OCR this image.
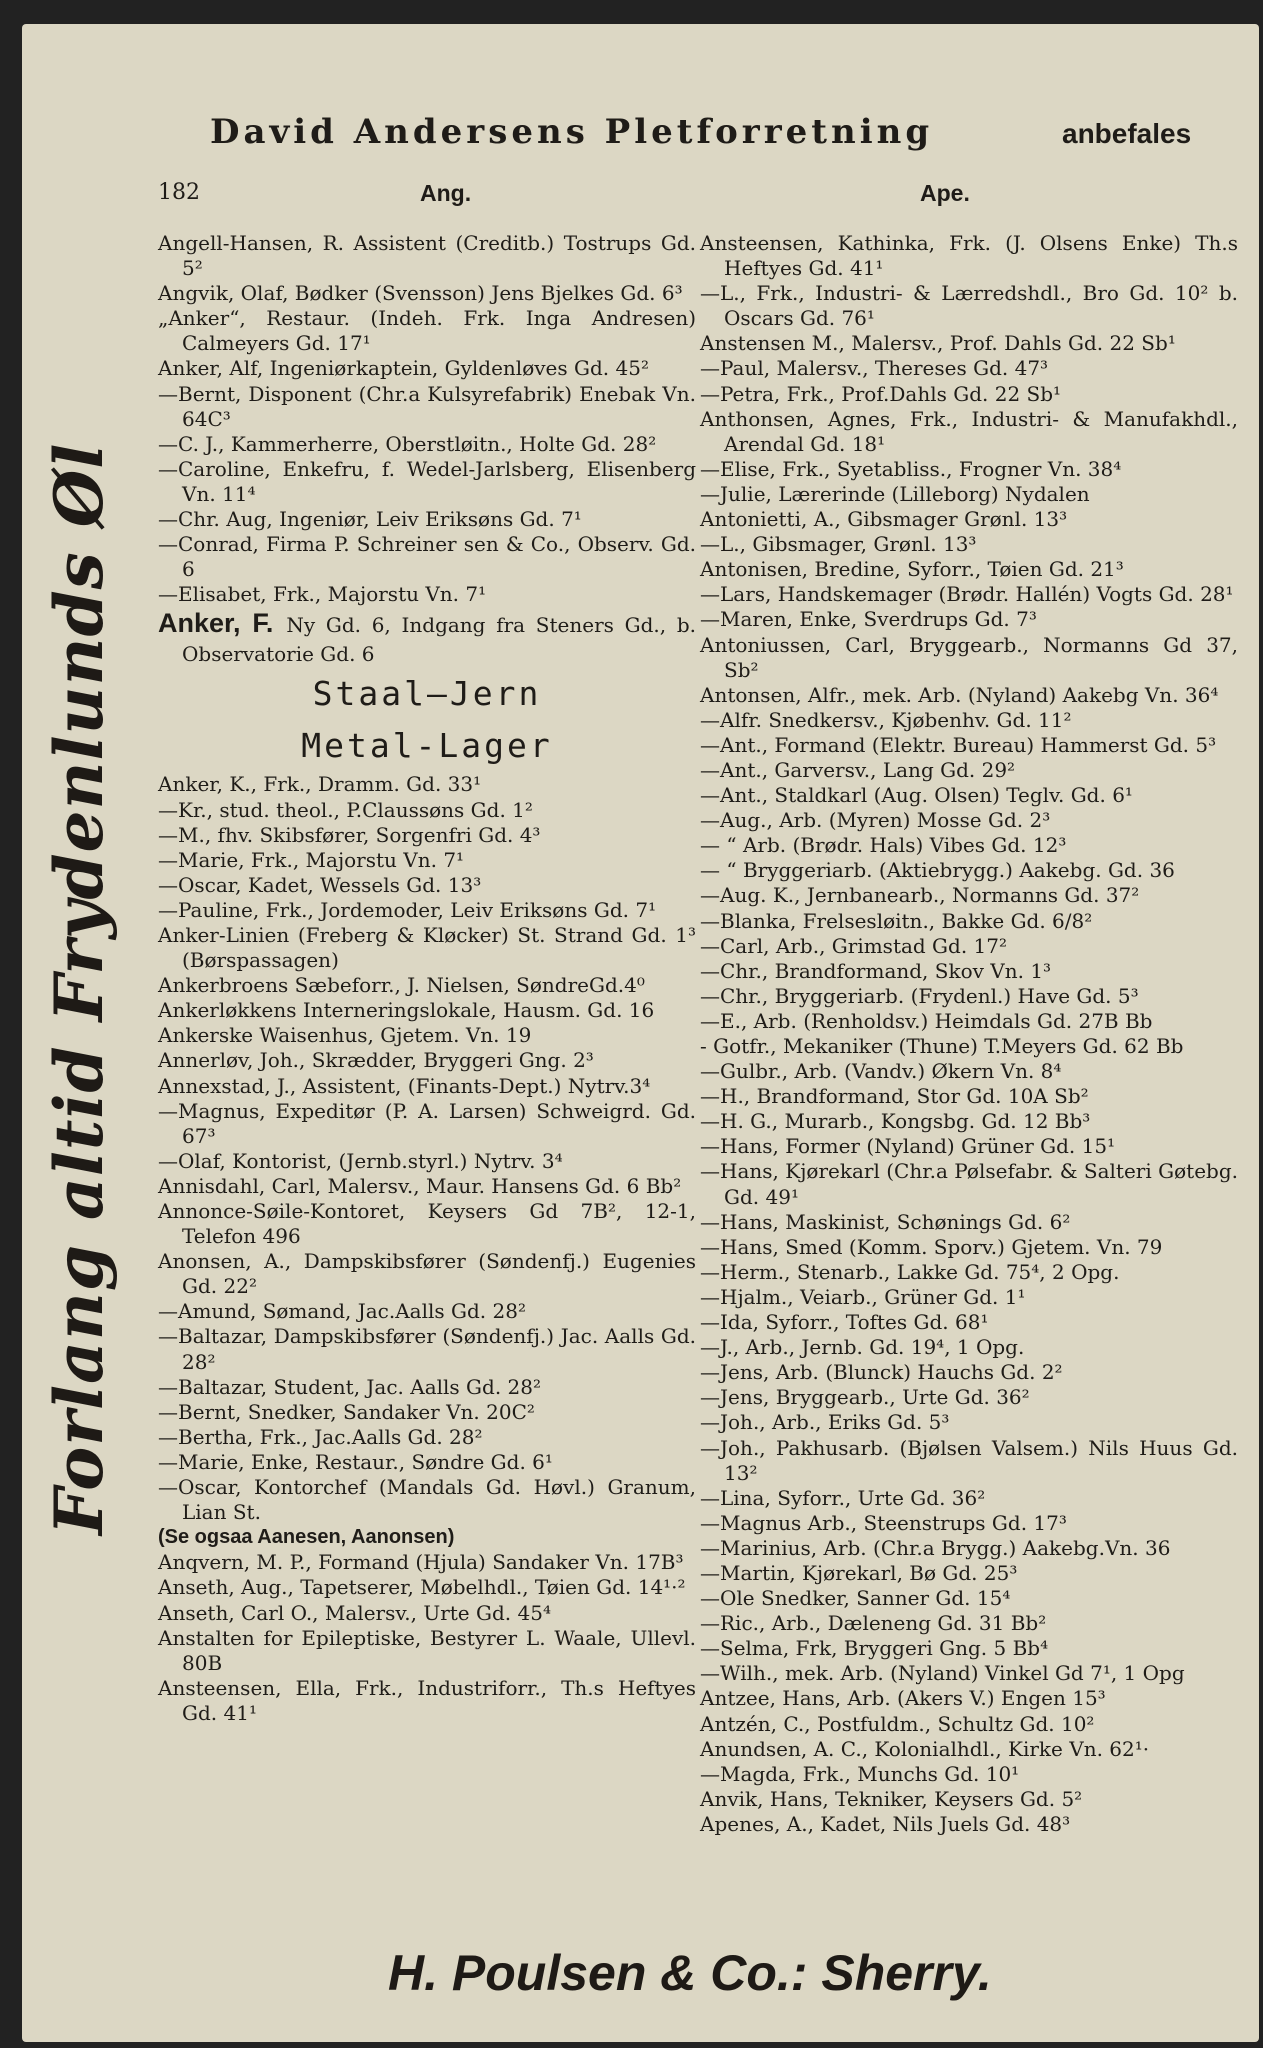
David Andersens Pletforretning	anbefales
182	Ang.	Ape.
Forlang altid Frydenlunds Øl
Angell-Hansen, R. Assistent (Creditb.) Tostrups Gd. 5²
Angvik, Olaf, Bødker (Svensson) Jens Bjelkes Gd. 6³
„Anker“, Restaur. (Indeh. Frk. Inga Andresen) Calmeyers Gd. 17¹
Anker, Alf, Ingeniørkaptein, Gyldenløves Gd. 45²
—Bernt, Disponent (Chr.a Kulsyrefabrik) Enebak Vn. 64C³
—C. J., Kammerherre, Oberstløitn., Holte Gd. 28²
—Caroline, Enkefru, f. Wedel-Jarlsberg, Elisenberg Vn. 11⁴
—Chr. Aug, Ingeniør, Leiv Eriksøns Gd. 7¹
—Conrad, Firma P. Schreiner sen & Co., Observ. Gd. 6
—Elisabet, Frk., Majorstu Vn. 7¹
Anker, F. Ny Gd. 6, Indgang fra Steners Gd., b. Observatorie Gd. 6
Staal—Jern
Metal-Lager
Anker, K., Frk., Dramm. Gd. 33¹
—Kr., stud. theol., P.Claussøns Gd. 1²
—M., fhv. Skibsfører, Sorgenfri Gd. 4³
—Marie, Frk., Majorstu Vn. 7¹
—Oscar, Kadet, Wessels Gd. 13³
—Pauline, Frk., Jordemoder, Leiv Eriksøns Gd. 7¹
Anker-Linien (Freberg & Kløcker) St. Strand Gd. 1³ (Børspassagen)
Ankerbroens Sæbeforr., J. Nielsen, SøndreGd.4⁰
Ankerløkkens Interneringslokale, Hausm. Gd. 16
Ankerske Waisenhus, Gjetem. Vn. 19
Annerløv, Joh., Skrædder, Bryggeri Gng. 2³
Annexstad, J., Assistent, (Finants-Dept.) Nytrv.3⁴
—Magnus, Expeditør (P. A. Larsen) Schweigrd. Gd. 67³
—Olaf, Kontorist, (Jernb.styrl.) Nytrv. 3⁴
Annisdahl, Carl, Malersv., Maur. Hansens Gd. 6 Bb²
Annonce-Søile-Kontoret, Keysers Gd 7B², 12-1, Telefon 496
Anonsen, A., Dampskibsfører (Søndenfj.) Eugenies Gd. 22²
—Amund, Sømand, Jac.Aalls Gd. 28²
—Baltazar, Dampskibsfører (Søndenfj.) Jac. Aalls Gd. 28²
—Baltazar, Student, Jac. Aalls Gd. 28²
—Bernt, Snedker, Sandaker Vn. 20C²
—Bertha, Frk., Jac.Aalls Gd. 28²
—Marie, Enke, Restaur., Søndre Gd. 6¹
—Oscar, Kontorchef (Mandals Gd. Høvl.) Granum, Lian St.
(Se ogsaa Aanesen, Aanonsen)
Anqvern, M. P., Formand (Hjula) Sandaker Vn. 17B³
Anseth, Aug., Tapetserer, Møbelhdl., Tøien Gd. 14¹·²
Anseth, Carl O., Malersv., Urte Gd. 45⁴
Anstalten for Epileptiske, Bestyrer L. Waale, Ullevl. 80B
Ansteensen, Ella, Frk., Industriforr., Th.s Heftyes Gd. 41¹
Ansteensen, Kathinka, Frk. (J. Olsens Enke) Th.s Heftyes Gd. 41¹
—L., Frk., Industri- & Lærredshdl., Bro Gd. 10² b. Oscars Gd. 76¹
Anstensen M., Malersv., Prof. Dahls Gd. 22 Sb¹
—Paul, Malersv., Thereses Gd. 47³
—Petra, Frk., Prof.Dahls Gd. 22 Sb¹
Anthonsen, Agnes, Frk., Industri- & Manufakhdl., Arendal Gd. 18¹
—Elise, Frk., Syetabliss., Frogner Vn. 38⁴
—Julie, Lærerinde (Lilleborg) Nydalen
Antonietti, A., Gibsmager Grønl. 13³
—L., Gibsmager, Grønl. 13³
Antonisen, Bredine, Syforr., Tøien Gd. 21³
—Lars, Handskemager (Brødr. Hallén) Vogts Gd. 28¹
—Maren, Enke, Sverdrups Gd. 7³
Antoniussen, Carl, Bryggearb., Normanns Gd 37, Sb²
Antonsen, Alfr., mek. Arb. (Nyland) Aakebg Vn. 36⁴
—Alfr. Snedkersv., Kjøbenhv. Gd. 11²
—Ant., Formand (Elektr. Bureau) Hammerst Gd. 5³
—Ant., Garversv., Lang Gd. 29²
—Ant., Staldkarl (Aug. Olsen) Teglv. Gd. 6¹
—Aug., Arb. (Myren) Mosse Gd. 2³
— “ Arb. (Brødr. Hals) Vibes Gd. 12³
— “ Bryggeriarb. (Aktiebrygg.) Aakebg. Gd. 36
—Aug. K., Jernbanearb., Normanns Gd. 37²
—Blanka, Frelsesløitn., Bakke Gd. 6/8²
—Carl, Arb., Grimstad Gd. 17²
—Chr., Brandformand, Skov Vn. 1³
—Chr., Bryggeriarb. (Frydenl.) Have Gd. 5³
—E., Arb. (Renholdsv.) Heimdals Gd. 27B Bb
- Gotfr., Mekaniker (Thune) T.Meyers Gd. 62 Bb
—Gulbr., Arb. (Vandv.) Økern Vn. 8⁴
—H., Brandformand, Stor Gd. 10A Sb²
—H. G., Murarb., Kongsbg. Gd. 12 Bb³
—Hans, Former (Nyland) Grüner Gd. 15¹
—Hans, Kjørekarl (Chr.a Pølsefabr. & Salteri Gøtebg. Gd. 49¹
—Hans, Maskinist, Schønings Gd. 6²
—Hans, Smed (Komm. Sporv.) Gjetem. Vn. 79
—Herm., Stenarb., Lakke Gd. 75⁴, 2 Opg.
—Hjalm., Veiarb., Grüner Gd. 1¹
—Ida, Syforr., Toftes Gd. 68¹
—J., Arb., Jernb. Gd. 19⁴, 1 Opg.
—Jens, Arb. (Blunck) Hauchs Gd. 2²
—Jens, Bryggearb., Urte Gd. 36²
—Joh., Arb., Eriks Gd. 5³
—Joh., Pakhusarb. (Bjølsen Valsem.) Nils Huus Gd. 13²
—Lina, Syforr., Urte Gd. 36²
—Magnus Arb., Steenstrups Gd. 17³
—Marinius, Arb. (Chr.a Brygg.) Aakebg.Vn. 36
—Martin, Kjørekarl, Bø Gd. 25³
—Ole Snedker, Sanner Gd. 15⁴
—Ric., Arb., Dæleneng Gd. 31 Bb²
—Selma, Frk, Bryggeri Gng. 5 Bb⁴
—Wilh., mek. Arb. (Nyland) Vinkel Gd 7¹, 1 Opg
Antzee, Hans, Arb. (Akers V.) Engen 15³
Antzén, C., Postfuldm., Schultz Gd. 10²
Anundsen, A. C., Kolonialhdl., Kirke Vn. 62¹·
—Magda, Frk., Munchs Gd. 10¹
Anvik, Hans, Tekniker, Keysers Gd. 5²
Apenes, A., Kadet, Nils Juels Gd. 48³
H. Poulsen & Co.: Sherry.
